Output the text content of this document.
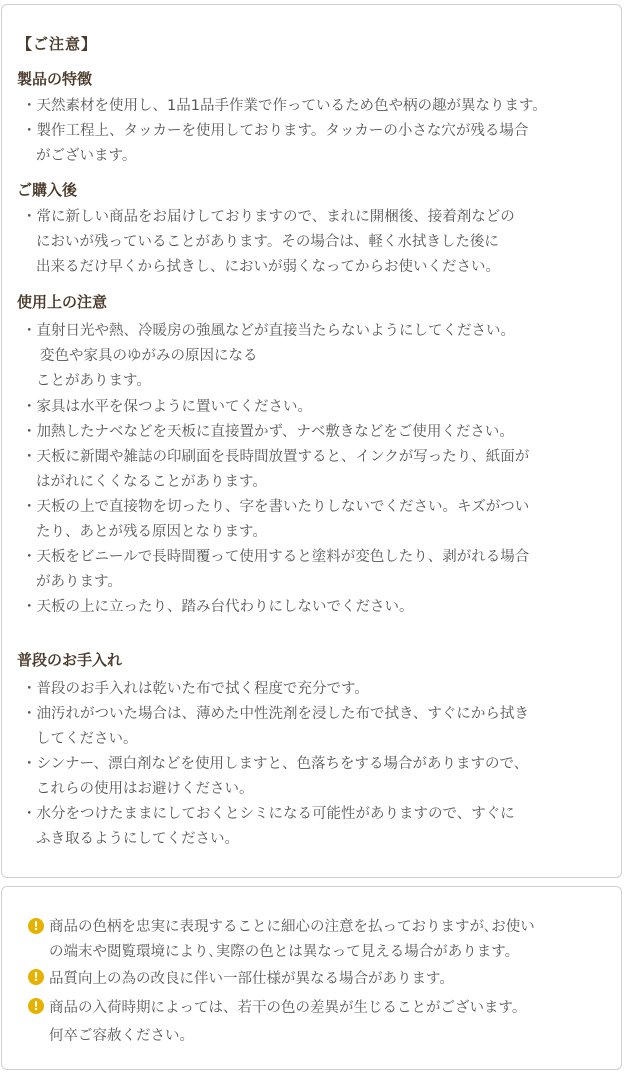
【ご注意】
製品の特徴
・天然素材を使用し、1品1品手作業で作っているため色や柄の趣が異なります。
・製作工程上、タッカーを使用しております。タッカーの小さな穴が残る場合
がございます。
ご購入後
・常に新しい商品をお届けしておりますので、まれに開梱後、接着剤などの
においが残っていることがあります。その場合は、軽く水拭きした後に
出来るだけ早くから拭きし、においが弱くなってからお使いください。
使用上の注意
・直射日光や熱、冷暖房の強風などが直接当たらないようにしてください。
変色や家具のゆがみの原因になる
ことがあります。
・家具は水平を保つように置いてください。
・加熱したナベなどを天板に直接置かず、ナベ敷きなどをご使用ください。
・天板に新聞や雑誌の印刷面を長時間放置すると、インクが写ったり、紙面が
はがれにくくなることがあります。
・天板の上で直接物を切ったり、字を書いたりしないでください。キズがつい
たり、あとが残る原因となります。
・天板をビニールで長時間覆って使用すると塗料が変色したり、剥がれる場合
があります。
・天板の上に立ったり、踏み台代わりにしないでください。
普段のお手入れ
・普段のお手入れは乾いた布で拭く程度で充分です。
・油汚れがついた場合は、薄めた中性洗剤を浸した布で拭き、すぐにから拭き
してください。
・シンナー、漂白剤などを使用しますと、色落ちをする場合がありますので、
これらの使用はお避けください。
・水分をつけたままにしておくとシミになる可能性がありますので、すぐに
ふき取るようにしてください。
! 商品の色柄を忠実に表現することに細心の注意を払っておりますが､お使い
の端末や閲覧環境により､実際の色とは異なって見える場合があります。
! 品質向上の為の改良に伴い一部仕様が異なる場合があります。
! 商品の入荷時期によっては、若干の色の差異が生じることがございます。
何卒ご容赦ください。
